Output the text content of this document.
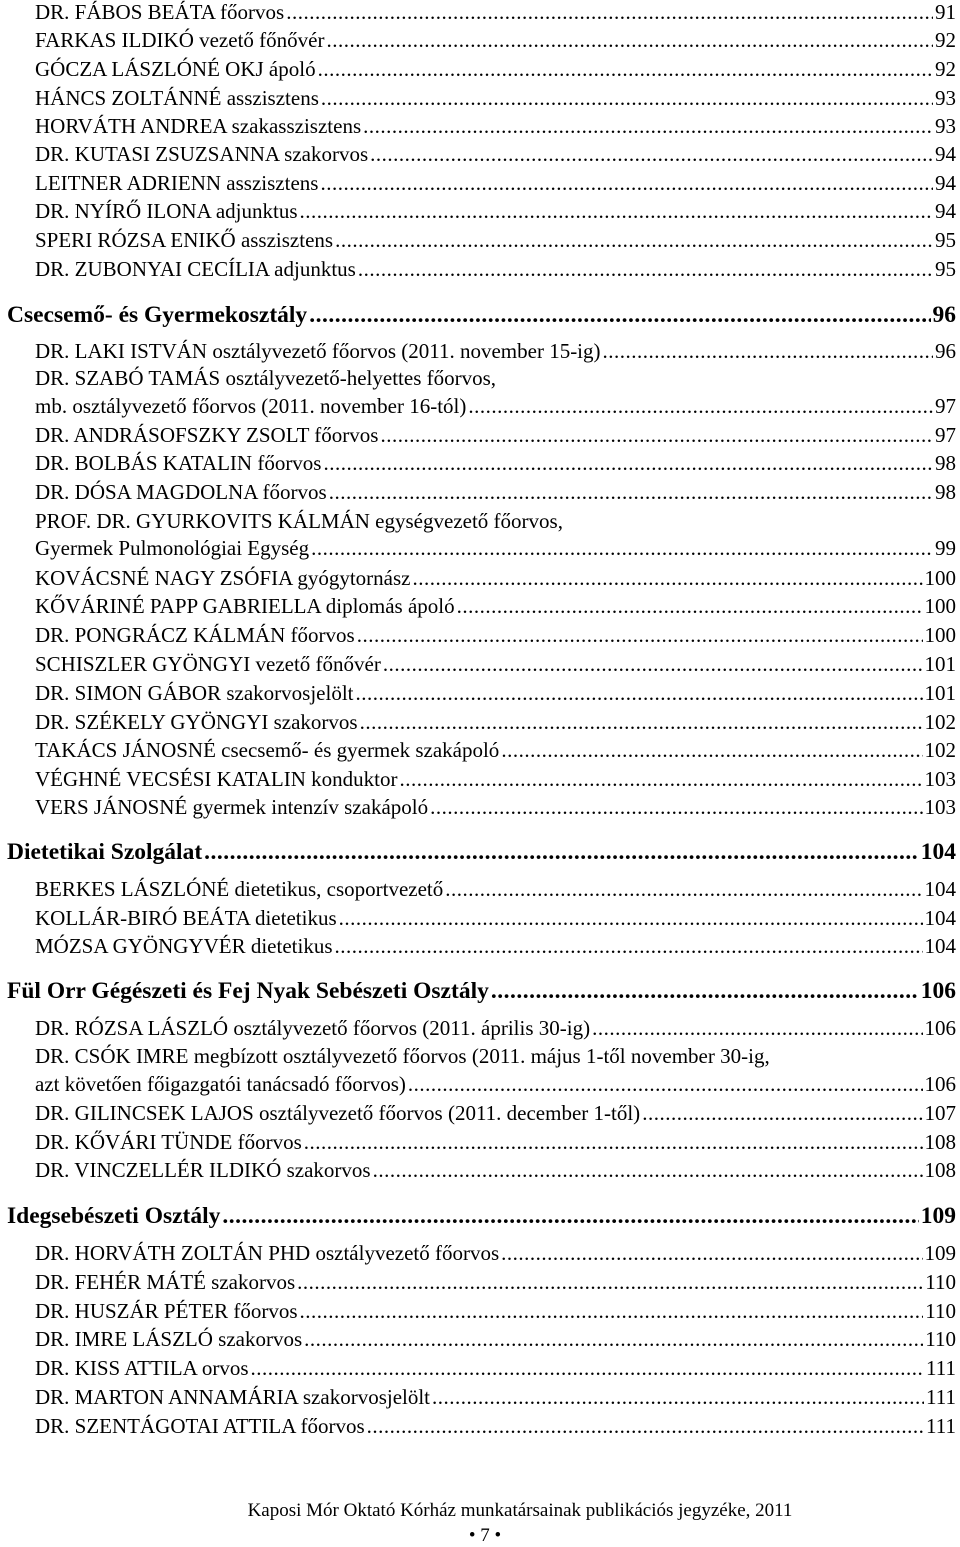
DR. FÁBOS BEÁTA főorvos .....	91
FARKAS ILDIKÓ vezető főnővér .....	92
GÓCZA LÁSZLÓNÉ OKJ ápoló .....	92
HÁNCS ZOLTÁNNÉ asszisztens .....	93
HORVÁTH ANDREA szakasszisztens .....	93
DR. KUTASI ZSUZSANNA szakorvos .....	94
LEITNER ADRIENN asszisztens .....	94
DR. NYÍRŐ ILONA adjunktus .....	94
SPERI RÓZSA ENIKŐ asszisztens .....	95
DR. ZUBONYAI CECÍLIA adjunktus .....	95
Csecsemő- és Gyermekosztály .....	96
DR. LAKI ISTVÁN osztályvezető főorvos (2011. november 15-ig) .....	96
DR. SZABÓ TAMÁS osztályvezető-helyettes főorvos,
mb. osztályvezető főorvos (2011. november 16-tól) .....	97
DR. ANDRÁSOFSZKY ZSOLT főorvos .....	97
DR. BOLBÁS KATALIN főorvos .....	98
DR. DÓSA MAGDOLNA főorvos .....	98
PROF. DR. GYURKOVITS KÁLMÁN egységvezető főorvos,
Gyermek Pulmonológiai Egység .....	99
KOVÁCSNÉ NAGY ZSÓFIA gyógytornász .....	100
KŐVÁRINÉ PAPP GABRIELLA diplomás ápoló .....	100
DR. PONGRÁCZ KÁLMÁN főorvos .....	100
SCHISZLER GYÖNGYI vezető főnővér .....	101
DR. SIMON GÁBOR szakorvosjelölt .....	101
DR. SZÉKELY GYÖNGYI szakorvos .....	102
TAKÁCS JÁNOSNÉ csecsemő- és gyermek szakápoló .....	102
VÉGHNÉ VECSÉSI KATALIN konduktor .....	103
VERS JÁNOSNÉ gyermek intenzív szakápoló .....	103
Dietetikai Szolgálat .....	104
BERKES LÁSZLÓNÉ dietetikus, csoportvezető .....	104
KOLLÁR-BIRÓ BEÁTA dietetikus .....	104
MÓZSA GYÖNGYVÉR dietetikus .....	104
Fül Orr Gégészeti és Fej Nyak Sebészeti Osztály .....	106
DR. RÓZSA LÁSZLÓ osztályvezető főorvos (2011. április 30-ig) .....	106
DR. CSÓK IMRE megbízott osztályvezető főorvos (2011. május 1-től november 30-ig,
azt követően főigazgatói tanácsadó főorvos) .....	106
DR. GILINCSEK LAJOS osztályvezető főorvos (2011. december 1-től) .....	107
DR. KŐVÁRI TÜNDE főorvos .....	108
DR. VINCZELLÉR ILDIKÓ szakorvos .....	108
Idegsebészeti Osztály .....	109
DR. HORVÁTH ZOLTÁN PHD osztályvezető főorvos .....	109
DR. FEHÉR MÁTÉ szakorvos .....	110
DR. HUSZÁR PÉTER főorvos .....	110
DR. IMRE LÁSZLÓ szakorvos .....	110
DR. KISS ATTILA orvos .....	111
DR. MARTON ANNAMÁRIA szakorvosjelölt .....	111
DR. SZENTÁGOTAI ATTILA főorvos .....	111
Kaposi Mór Oktató Kórház munkatársainak publikációs jegyzéke, 2011
• 7 •
